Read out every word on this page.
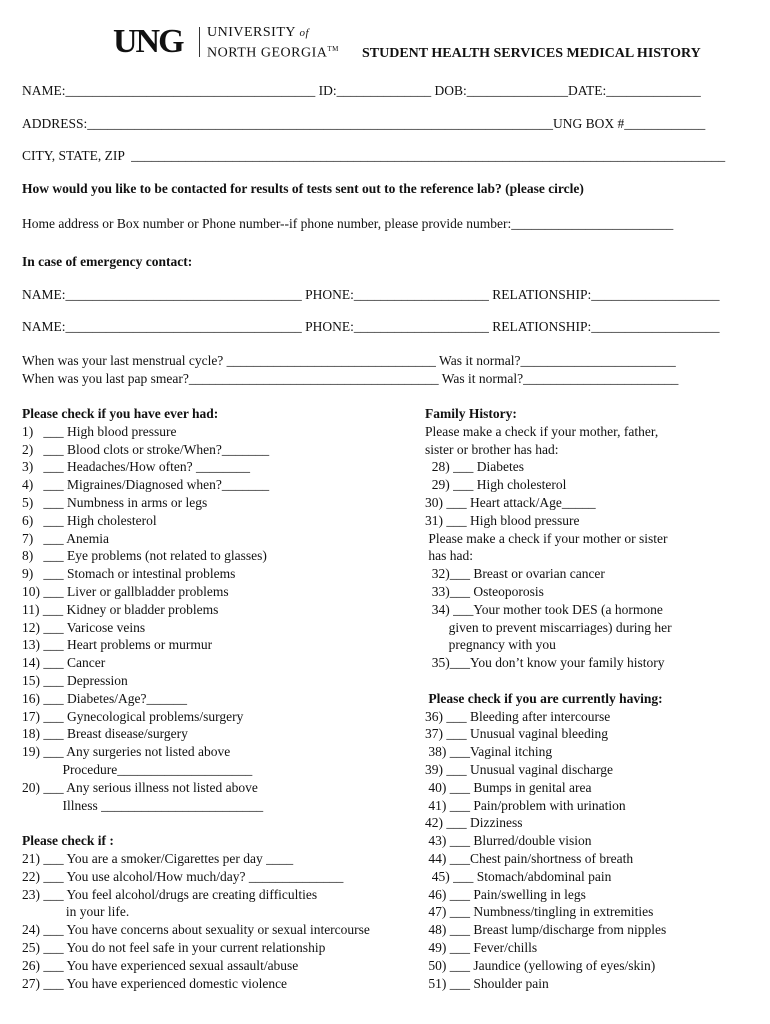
UNG UNIVERSITY of
NORTH GEORGIA™ STUDENT HEALTH SERVICES MEDICAL HISTORY
NAME:_____________________________________ ID:______________ DOB:_______________DATE:______________
ADDRESS:_____________________________________________________________________UNG BOX #____________
CITY, STATE, ZIP  ________________________________________________________________________________________
How would you like to be contacted for results of tests sent out to the reference lab? (please circle)
Home address or Box number or Phone number--if phone number, please provide number:________________________
In case of emergency contact:
NAME:___________________________________ PHONE:____________________ RELATIONSHIP:___________________
NAME:___________________________________ PHONE:____________________ RELATIONSHIP:___________________
When was your last menstrual cycle? _______________________________ Was it normal?_______________________
When was you last pap smear?_____________________________________ Was it normal?_______________________
Please check if you have ever had:
1)   ___ High blood pressure
2)   ___ Blood clots or stroke/When?_______
3)   ___ Headaches/How often? ________
4)   ___ Migraines/Diagnosed when?_______
5)   ___ Numbness in arms or legs
6)   ___ High cholesterol
7)   ___ Anemia
8)   ___ Eye problems (not related to glasses)
9)   ___ Stomach or intestinal problems
10) ___ Liver or gallbladder problems
11) ___ Kidney or bladder problems
12) ___ Varicose veins
13) ___ Heart problems or murmur
14) ___ Cancer
15) ___ Depression
16) ___ Diabetes/Age?______
17) ___ Gynecological problems/surgery
18) ___ Breast disease/surgery
19) ___ Any surgeries not listed above
Procedure____________________
20) ___ Any serious illness not listed above
Illness ________________________
Please check if :
21) ___ You are a smoker/Cigarettes per day ____
22) ___ You use alcohol/How much/day? ______________
23) ___ You feel alcohol/drugs are creating difficulties
in your life.
24) ___ You have concerns about sexuality or sexual intercourse
25) ___ You do not feel safe in your current relationship
26) ___ You have experienced sexual assault/abuse
27) ___ You have experienced domestic violence
Family History:
Please make a check if your mother, father,
sister or brother has had:
28) ___ Diabetes
29) ___ High cholesterol
30) ___ Heart attack/Age_____
31) ___ High blood pressure
Please make a check if your mother or sister
has had:
32)___ Breast or ovarian cancer
33)___ Osteoporosis
34) ___Your mother took DES (a hormone
given to prevent miscarriages) during her
pregnancy with you
35)___You don’t know your family history
Please check if you are currently having:
36) ___ Bleeding after intercourse
37) ___ Unusual vaginal bleeding
38) ___Vaginal itching
39) ___ Unusual vaginal discharge
40) ___ Bumps in genital area
41) ___ Pain/problem with urination
42) ___ Dizziness
43) ___ Blurred/double vision
44) ___Chest pain/shortness of breath
45) ___ Stomach/abdominal pain
46) ___ Pain/swelling in legs
47) ___ Numbness/tingling in extremities
48) ___ Breast lump/discharge from nipples
49) ___ Fever/chills
50) ___ Jaundice (yellowing of eyes/skin)
51) ___ Shoulder pain
